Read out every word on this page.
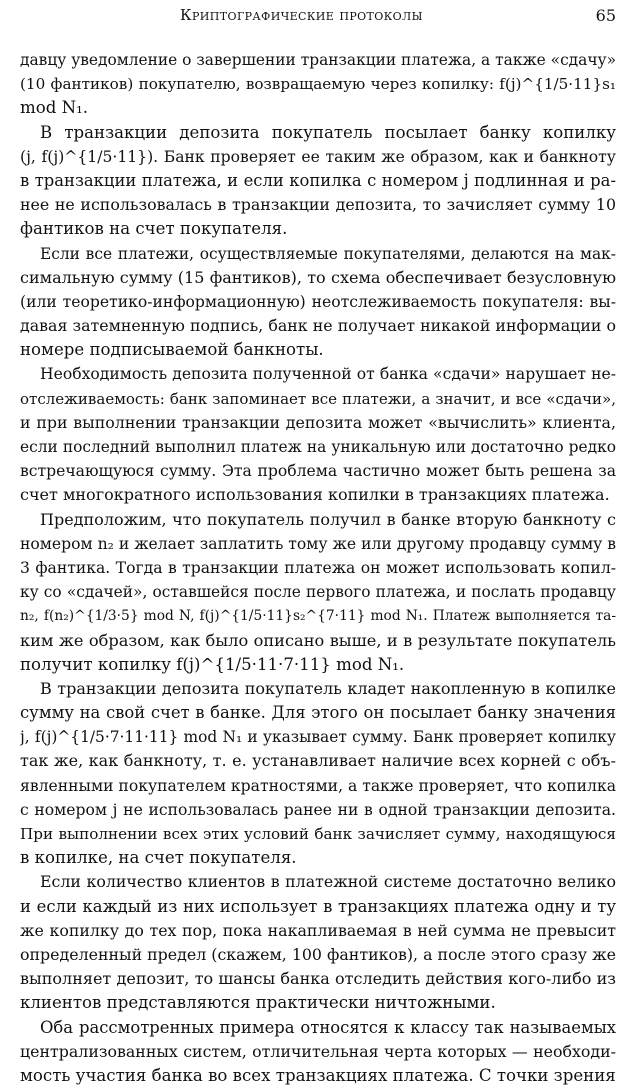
Криптографические протоколы	65
давцу уведомление о завершении транзакции платежа, а также «сдачу»
(10 фантиков) покупателю, возвращаемую через копилку: f(j)^{1/5·11}s₁
mod N₁.
В транзакции депозита покупатель посылает банку копилку
(j, f(j)^{1/5·11}). Банк проверяет ее таким же образом, как и банкноту
в транзакции платежа, и если копилка с номером j подлинная и ра-
нее не использовалась в транзакции депозита, то зачисляет сумму 10
фантиков на счет покупателя.
Если все платежи, осуществляемые покупателями, делаются на мак-
симальную сумму (15 фантиков), то схема обеспечивает безусловную
(или теоретико-информационную) неотслеживаемость покупателя: вы-
давая затемненную подпись, банк не получает никакой информации о
номере подписываемой банкноты.
Необходимость депозита полученной от банка «сдачи» нарушает не-
отслеживаемость: банк запоминает все платежи, а значит, и все «сдачи»,
и при выполнении транзакции депозита может «вычислить» клиента,
если последний выполнил платеж на уникальную или достаточно редко
встречающуюся сумму. Эта проблема частично может быть решена за
счет многократного использования копилки в транзакциях платежа.
Предположим, что покупатель получил в банке вторую банкноту с
номером n₂ и желает заплатить тому же или другому продавцу сумму в
3 фантика. Тогда в транзакции платежа он может использовать копил-
ку со «сдачей», оставшейся после первого платежа, и послать продавцу
n₂, f(n₂)^{1/3·5} mod N, f(j)^{1/5·11}s₂^{7·11} mod N₁. Платеж выполняется та-
ким же образом, как было описано выше, и в результате покупатель
получит копилку f(j)^{1/5·11·7·11} mod N₁.
В транзакции депозита покупатель кладет накопленную в копилке
сумму на свой счет в банке. Для этого он посылает банку значения
j, f(j)^{1/5·7·11·11} mod N₁ и указывает сумму. Банк проверяет копилку
так же, как банкноту, т. е. устанавливает наличие всех корней с объ-
явленными покупателем кратностями, а также проверяет, что копилка
с номером j не использовалась ранее ни в одной транзакции депозита.
При выполнении всех этих условий банк зачисляет сумму, находящуюся
в копилке, на счет покупателя.
Если количество клиентов в платежной системе достаточно велико
и если каждый из них использует в транзакциях платежа одну и ту
же копилку до тех пор, пока накапливаемая в ней сумма не превысит
определенный предел (скажем, 100 фантиков), а после этого сразу же
выполняет депозит, то шансы банка отследить действия кого-либо из
клиентов представляются практически ничтожными.
Оба рассмотренных примера относятся к классу так называемых
централизованных систем, отличительная черта которых — необходи-
мость участия банка во всех транзакциях платежа. С точки зрения
